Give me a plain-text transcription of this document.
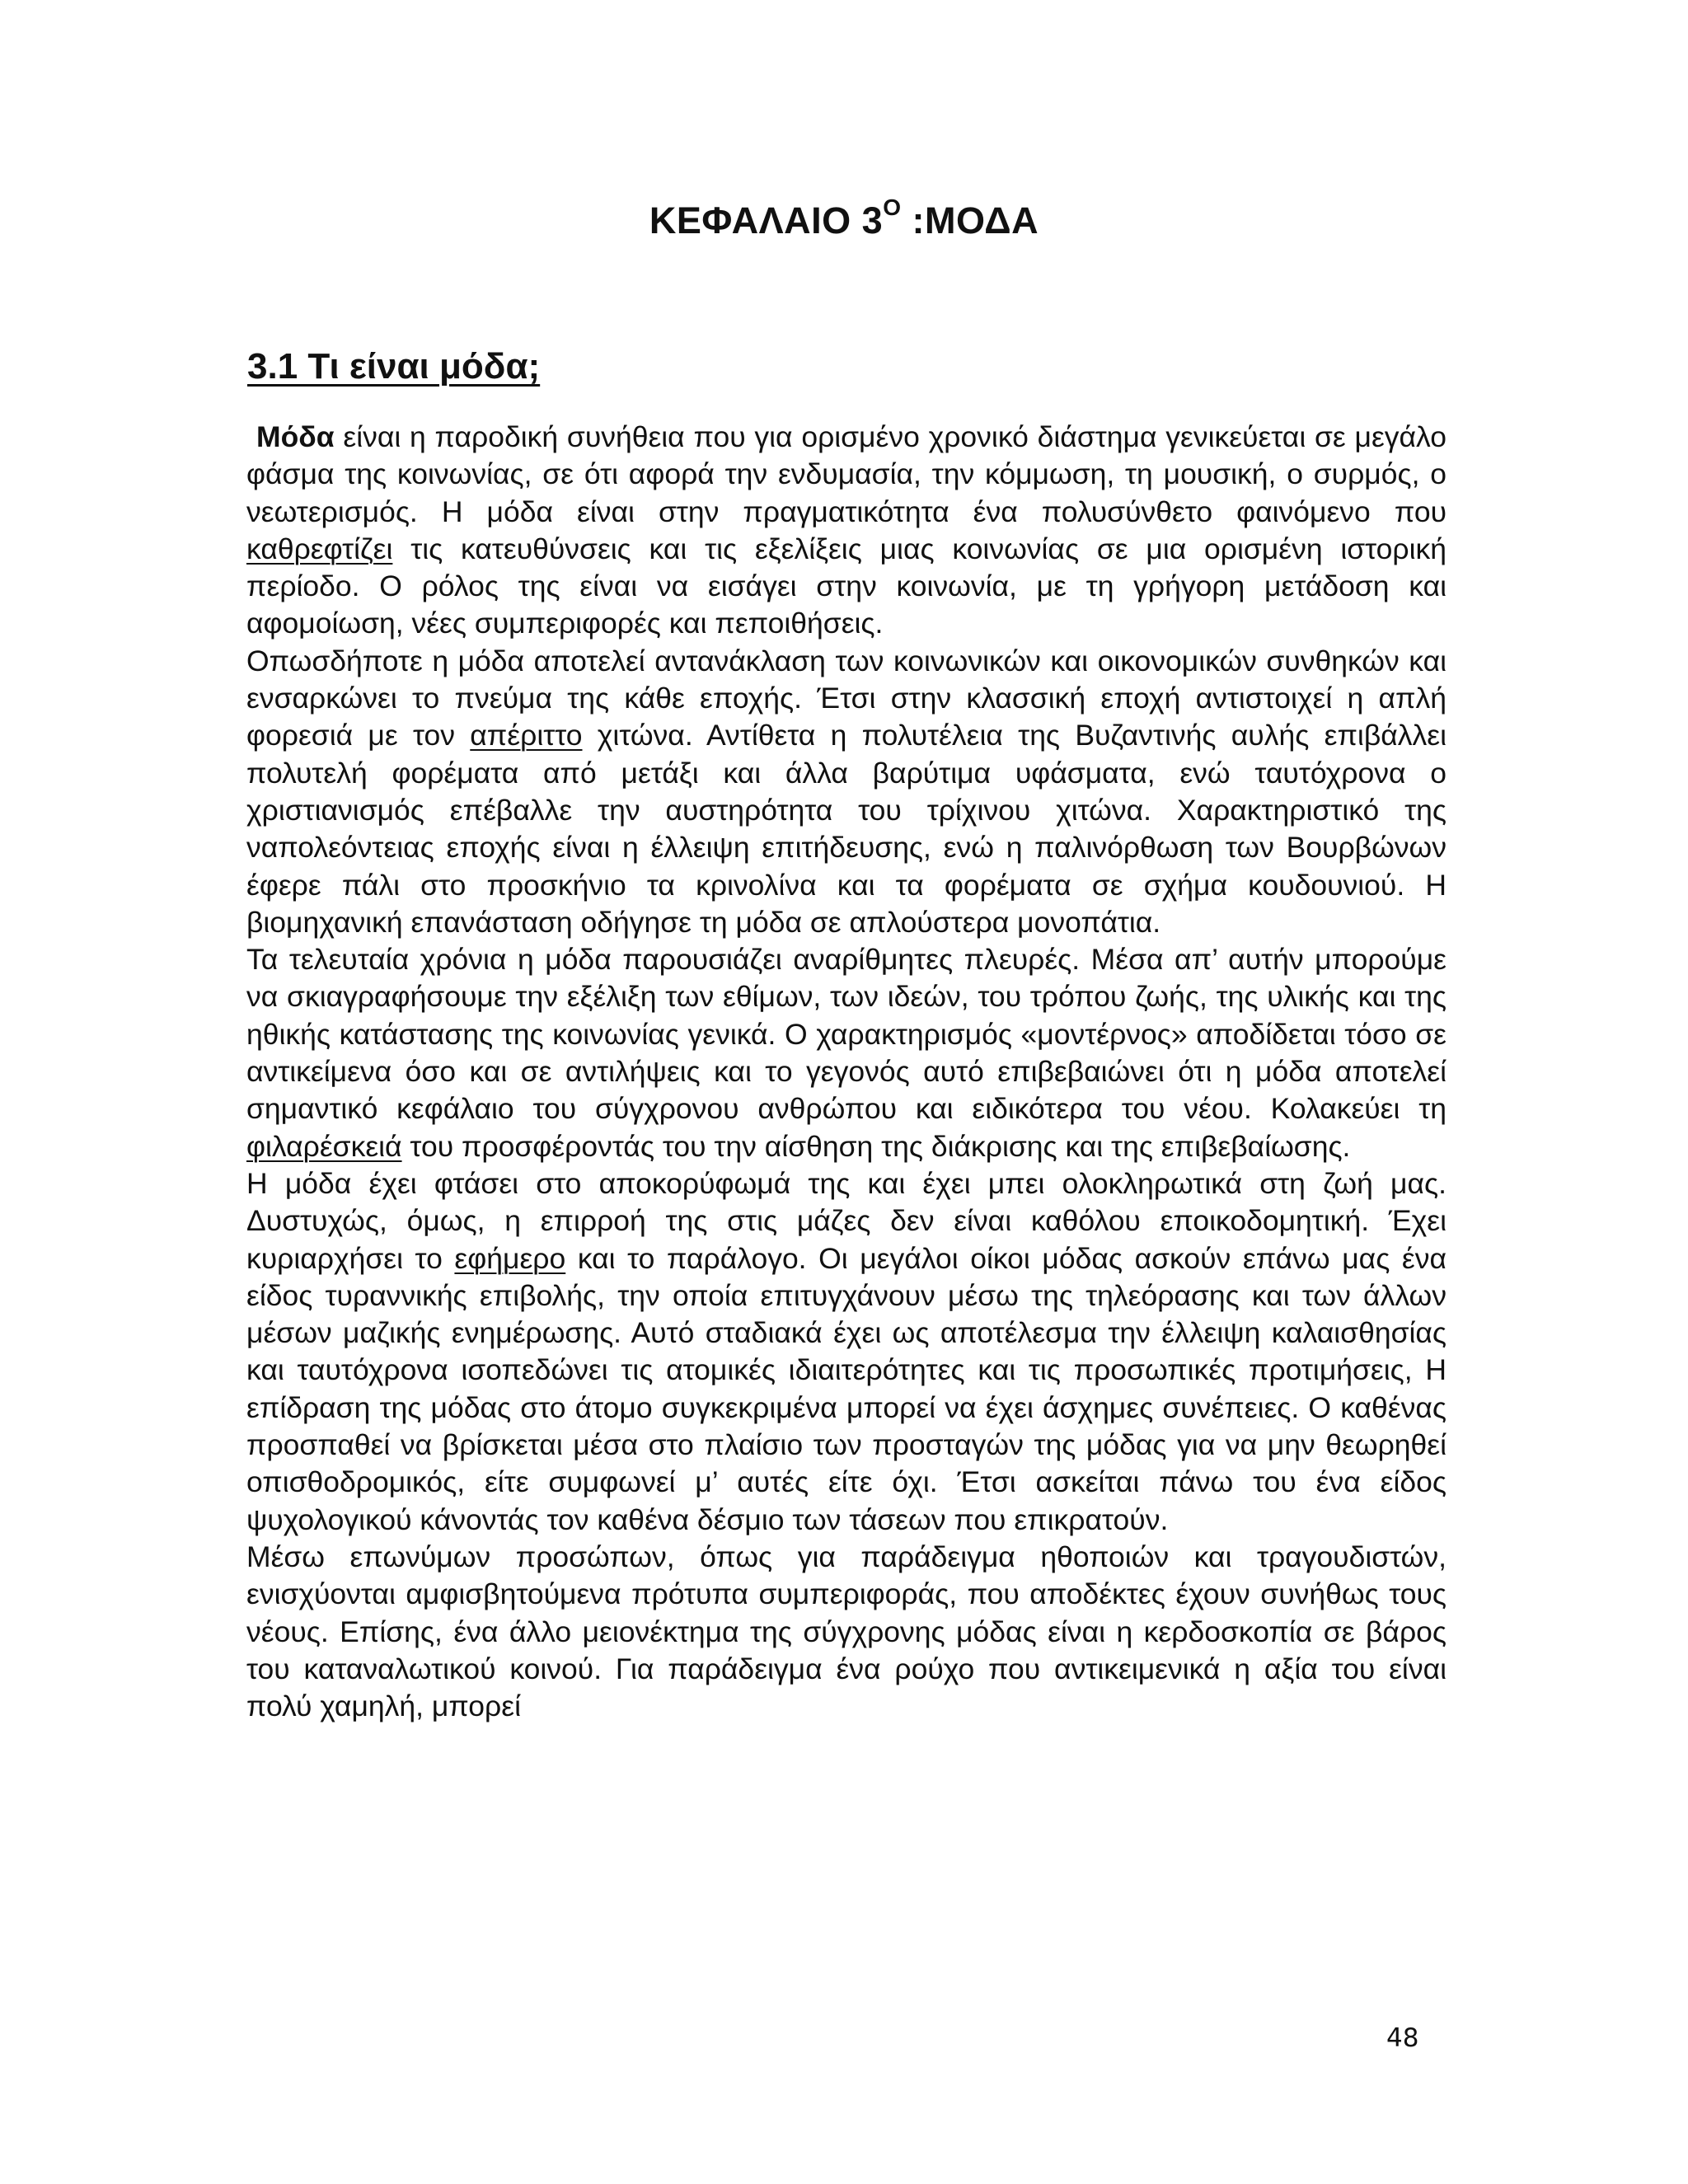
ΚΕΦΑΛΑΙΟ $3^O$ :ΜΟΔΑ
3.1 Τι είναι μόδα;

Μόδα είναι η παροδική συνήθεια που για ορισμένο χρονικό διάστημα γενικεύεται σε μεγάλο φάσμα της κοινωνίας, σε ότι αφορά την ενδυμασία, την κόμμωση, τη μουσική, ο συρμός, ο νεωτερισμός. Η μόδα είναι στην πραγματικότητα ένα πολυσύνθετο φαινόμενο που καθρεφτίζει τις κατευθύνσεις και τις εξελίξεις μιας κοινωνίας σε μια ορισμένη ιστορική περίοδο. Ο ρόλος της είναι να εισάγει στην κοινωνία, με τη γρήγορη μετάδοση και αφομοίωση, νέες συμπεριφορές και πεποιθήσεις.

Οπωσδήποτε η μόδα αποτελεί αντανάκλαση των κοινωνικών και οικονομικών συνθηκών και ενσαρκώνει το πνεύμα της κάθε εποχής. Έτσι στην κλασσική εποχή αντιστοιχεί η απλή φορεσιά με τον απέριττο χιτώνα. Αντίθετα η πολυτέλεια της Βυζαντινής αυλής επιβάλλει πολυτελή φορέματα από μετάξι και άλλα βαρύτιμα υφάσματα, ενώ ταυτόχρονα ο χριστιανισμός επέβαλλε την αυστηρότητα του τρίχινου χιτώνα. Χαρακτηριστικό της ναπολεόντειας εποχής είναι η έλλειψη επιτήδευσης, ενώ η παλινόρθωση των Βουρβώνων έφερε πάλι στο προσκήνιο τα κρινολίνα και τα φορέματα σε σχήμα κουδουνιού. Η βιομηχανική επανάσταση οδήγησε τη μόδα σε απλούστερα μονοπάτια.

Τα τελευταία χρόνια η μόδα παρουσιάζει αναρίθμητες πλευρές. Μέσα απ’ αυτήν μπορούμε να σκιαγραφήσουμε την εξέλιξη των εθίμων, των ιδεών, του τρόπου ζωής, της υλικής και της ηθικής κατάστασης της κοινωνίας γενικά. Ο χαρακτηρισμός «μοντέρνος» αποδίδεται τόσο σε αντικείμενα όσο και σε αντιλήψεις και το γεγονός αυτό επιβεβαιώνει ότι η μόδα αποτελεί σημαντικό κεφάλαιο του σύγχρονου ανθρώπου και ειδικότερα του νέου. Κολακεύει τη φιλαρέσκειά του προσφέροντάς του την αίσθηση της διάκρισης και της επιβεβαίωσης.

Η μόδα έχει φτάσει στο αποκορύφωμά της και έχει μπει ολοκληρωτικά στη ζωή μας. Δυστυχώς, όμως, η επιρροή της στις μάζες δεν είναι καθόλου εποικοδομητική. Έχει κυριαρχήσει το εφήμερο και το παράλογο. Οι μεγάλοι οίκοι μόδας ασκούν επάνω μας ένα είδος τυραννικής επιβολής, την οποία επιτυγχάνουν μέσω της τηλεόρασης και των άλλων μέσων μαζικής ενημέρωσης. Αυτό σταδιακά έχει ως αποτέλεσμα την έλλειψη καλαισθησίας και ταυτόχρονα ισοπεδώνει τις ατομικές ιδιαιτερότητες και τις προσωπικές προτιμήσεις, Η επίδραση της μόδας στο άτομο συγκεκριμένα μπορεί να έχει άσχημες συνέπειες. Ο καθένας προσπαθεί να βρίσκεται μέσα στο πλαίσιο των προσταγών της μόδας για να μην θεωρηθεί οπισθοδρομικός, είτε συμφωνεί μ’ αυτές είτε όχι. Έτσι ασκείται πάνω του ένα είδος ψυχολογικού κάνοντάς τον καθένα δέσμιο των τάσεων που επικρατούν.

Μέσω επωνύμων προσώπων, όπως για παράδειγμα ηθοποιών και τραγουδιστών, ενισχύονται αμφισβητούμενα πρότυπα συμπεριφοράς, που αποδέκτες έχουν συνήθως τους νέους. Επίσης, ένα άλλο μειονέκτημα της σύγχρονης μόδας είναι η κερδοσκοπία σε βάρος του καταναλωτικού κοινού. Για παράδειγμα ένα ρούχο που αντικειμενικά η αξία του είναι πολύ χαμηλή, μπορεί

48
